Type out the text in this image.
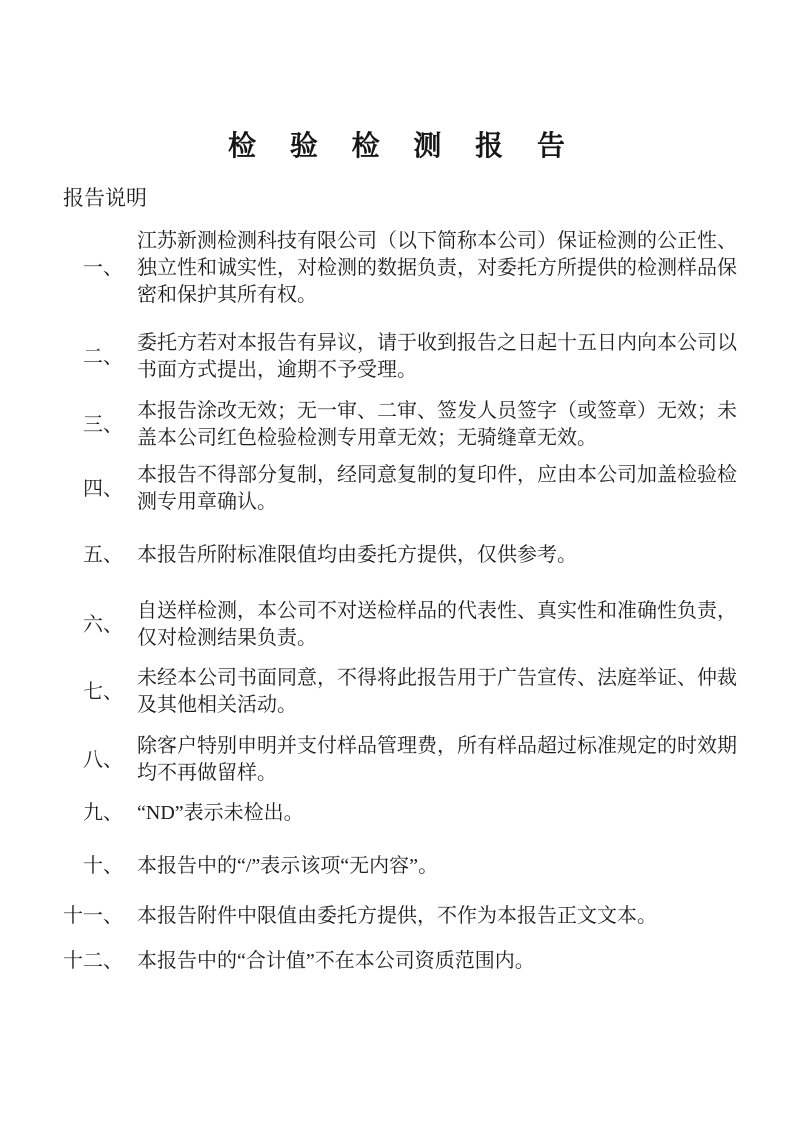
检 验 检 测 报 告
报告说明
一、
江苏新测检测科技有限公司（以下简称本公司）保证检测的公正性、独立性和诚实性，对检测的数据负责，对委托方所提供的检测样品保密和保护其所有权。
二、
委托方若对本报告有异议，请于收到报告之日起十五日内向本公司以书面方式提出，逾期不予受理。
三、
本报告涂改无效；无一审、二审、签发人员签字（或签章）无效；未盖本公司红色检验检测专用章无效；无骑缝章无效。
四、
本报告不得部分复制，经同意复制的复印件，应由本公司加盖检验检测专用章确认。
五、 本报告所附标准限值均由委托方提供，仅供参考。
六、
自送样检测，本公司不对送检样品的代表性、真实性和准确性负责，仅对检测结果负责。
七、
未经本公司书面同意，不得将此报告用于广告宣传、法庭举证、仲裁及其他相关活动。
八、
除客户特别申明并支付样品管理费，所有样品超过标准规定的时效期均不再做留样。
九、 “ND”表示未检出。
十、 本报告中的“/”表示该项“无内容”。
十一、 本报告附件中限值由委托方提供，不作为本报告正文文本。
十二、 本报告中的“合计值”不在本公司资质范围内。
